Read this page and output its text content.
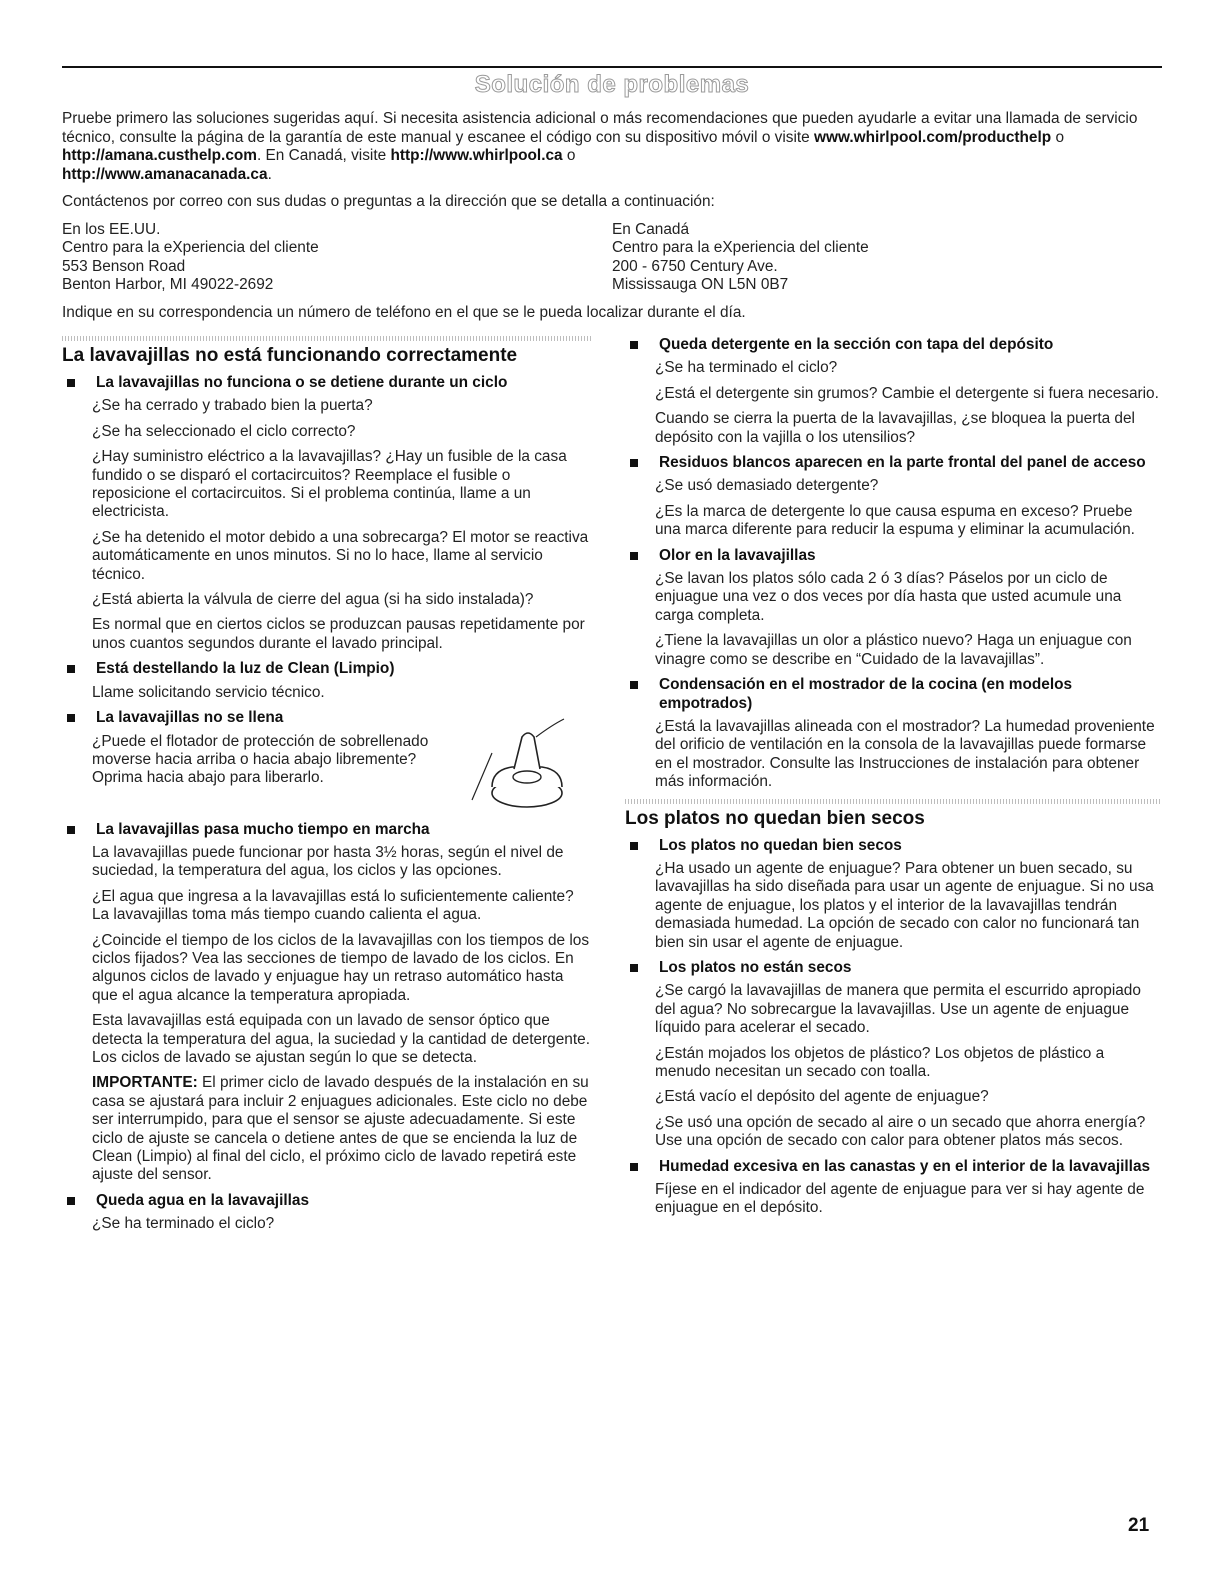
Solución de problemas

Pruebe primero las soluciones sugeridas aquí. Si necesita asistencia adicional o más recomendaciones que pueden ayudarle a evitar una llamada de servicio técnico, consulte la página de la garantía de este manual y escanee el código con su dispositivo móvil o visite www.whirlpool.com/producthelp o http://amana.custhelp.com. En Canadá, visite http://www.whirlpool.ca o
http://www.amanacanada.ca.

Contáctenos por correo con sus dudas o preguntas a la dirección que se detalla a continuación:

En los EE.UU.
Centro para la eXperiencia del cliente
553 Benson Road
Benton Harbor, MI 49022-2692
En Canadá
Centro para la eXperiencia del cliente
200 - 6750 Century Ave.
Mississauga ON L5N 0B7

Indique en su correspondencia un número de teléfono en el que se le pueda localizar durante el día.

La lavavajillas no está funcionando correctamente
La lavavajillas no funciona o se detiene durante un ciclo

¿Se ha cerrado y trabado bien la puerta?

¿Se ha seleccionado el ciclo correcto?

¿Hay suministro eléctrico a la lavavajillas? ¿Hay un fusible de la casa fundido o se disparó el cortacircuitos? Reemplace el fusible o reposicione el cortacircuitos. Si el problema continúa, llame a un electricista.

¿Se ha detenido el motor debido a una sobrecarga? El motor se reactiva automáticamente en unos minutos. Si no lo hace, llame al servicio técnico.

¿Está abierta la válvula de cierre del agua (si ha sido instalada)?

Es normal que en ciertos ciclos se produzcan pausas repetidamente por unos cuantos segundos durante el lavado principal.

Está destellando la luz de Clean (Limpio)

Llame solicitando servicio técnico.

La lavavajillas no se llena

¿Puede el flotador de protección de sobrellenado moverse hacia arriba o hacia abajo libremente? Oprima hacia abajo para liberarlo.

La lavavajillas pasa mucho tiempo en marcha

La lavavajillas puede funcionar por hasta 3½ horas, según el nivel de suciedad, la temperatura del agua, los ciclos y las opciones.

¿El agua que ingresa a la lavavajillas está lo suficientemente caliente? La lavavajillas toma más tiempo cuando calienta el agua.

¿Coincide el tiempo de los ciclos de la lavavajillas con los tiempos de los ciclos fijados? Vea las secciones de tiempo de lavado de los ciclos. En algunos ciclos de lavado y enjuague hay un retraso automático hasta que el agua alcance la temperatura apropiada.

Esta lavavajillas está equipada con un lavado de sensor óptico que detecta la temperatura del agua, la suciedad y la cantidad de detergente. Los ciclos de lavado se ajustan según lo que se detecta.

IMPORTANTE: El primer ciclo de lavado después de la instalación en su casa se ajustará para incluir 2 enjuagues adicionales. Este ciclo no debe ser interrumpido, para que el sensor se ajuste adecuadamente. Si este ciclo de ajuste se cancela o detiene antes de que se encienda la luz de Clean (Limpio) al final del ciclo, el próximo ciclo de lavado repetirá este ajuste del sensor.

Queda agua en la lavavajillas

¿Se ha terminado el ciclo?

Queda detergente en la sección con tapa del depósito

¿Se ha terminado el ciclo?

¿Está el detergente sin grumos? Cambie el detergente si fuera necesario.

Cuando se cierra la puerta de la lavavajillas, ¿se bloquea la puerta del depósito con la vajilla o los utensilios?

Residuos blancos aparecen en la parte frontal del panel de acceso

¿Se usó demasiado detergente?

¿Es la marca de detergente lo que causa espuma en exceso? Pruebe una marca diferente para reducir la espuma y eliminar la acumulación.

Olor en la lavavajillas

¿Se lavan los platos sólo cada 2 ó 3 días? Páselos por un ciclo de enjuague una vez o dos veces por día hasta que usted acumule una carga completa.

¿Tiene la lavavajillas un olor a plástico nuevo? Haga un enjuague con vinagre como se describe en “Cuidado de la lavavajillas”.

Condensación en el mostrador de la cocina (en modelos empotrados)

¿Está la lavavajillas alineada con el mostrador? La humedad proveniente del orificio de ventilación en la consola de la lavavajillas puede formarse en el mostrador. Consulte las Instrucciones de instalación para obtener más información.

Los platos no quedan bien secos
Los platos no quedan bien secos

¿Ha usado un agente de enjuague? Para obtener un buen secado, su lavavajillas ha sido diseñada para usar un agente de enjuague. Si no usa agente de enjuague, los platos y el interior de la lavavajillas tendrán demasiada humedad. La opción de secado con calor no funcionará tan bien sin usar el agente de enjuague.

Los platos no están secos

¿Se cargó la lavavajillas de manera que permita el escurrido apropiado del agua? No sobrecargue la lavavajillas. Use un agente de enjuague líquido para acelerar el secado.

¿Están mojados los objetos de plástico? Los objetos de plástico a menudo necesitan un secado con toalla.

¿Está vacío el depósito del agente de enjuague?

¿Se usó una opción de secado al aire o un secado que ahorra energía? Use una opción de secado con calor para obtener platos más secos.

Humedad excesiva en las canastas y en el interior de la lavavajillas

Fíjese en el indicador del agente de enjuague para ver si hay agente de enjuague en el depósito.

21
